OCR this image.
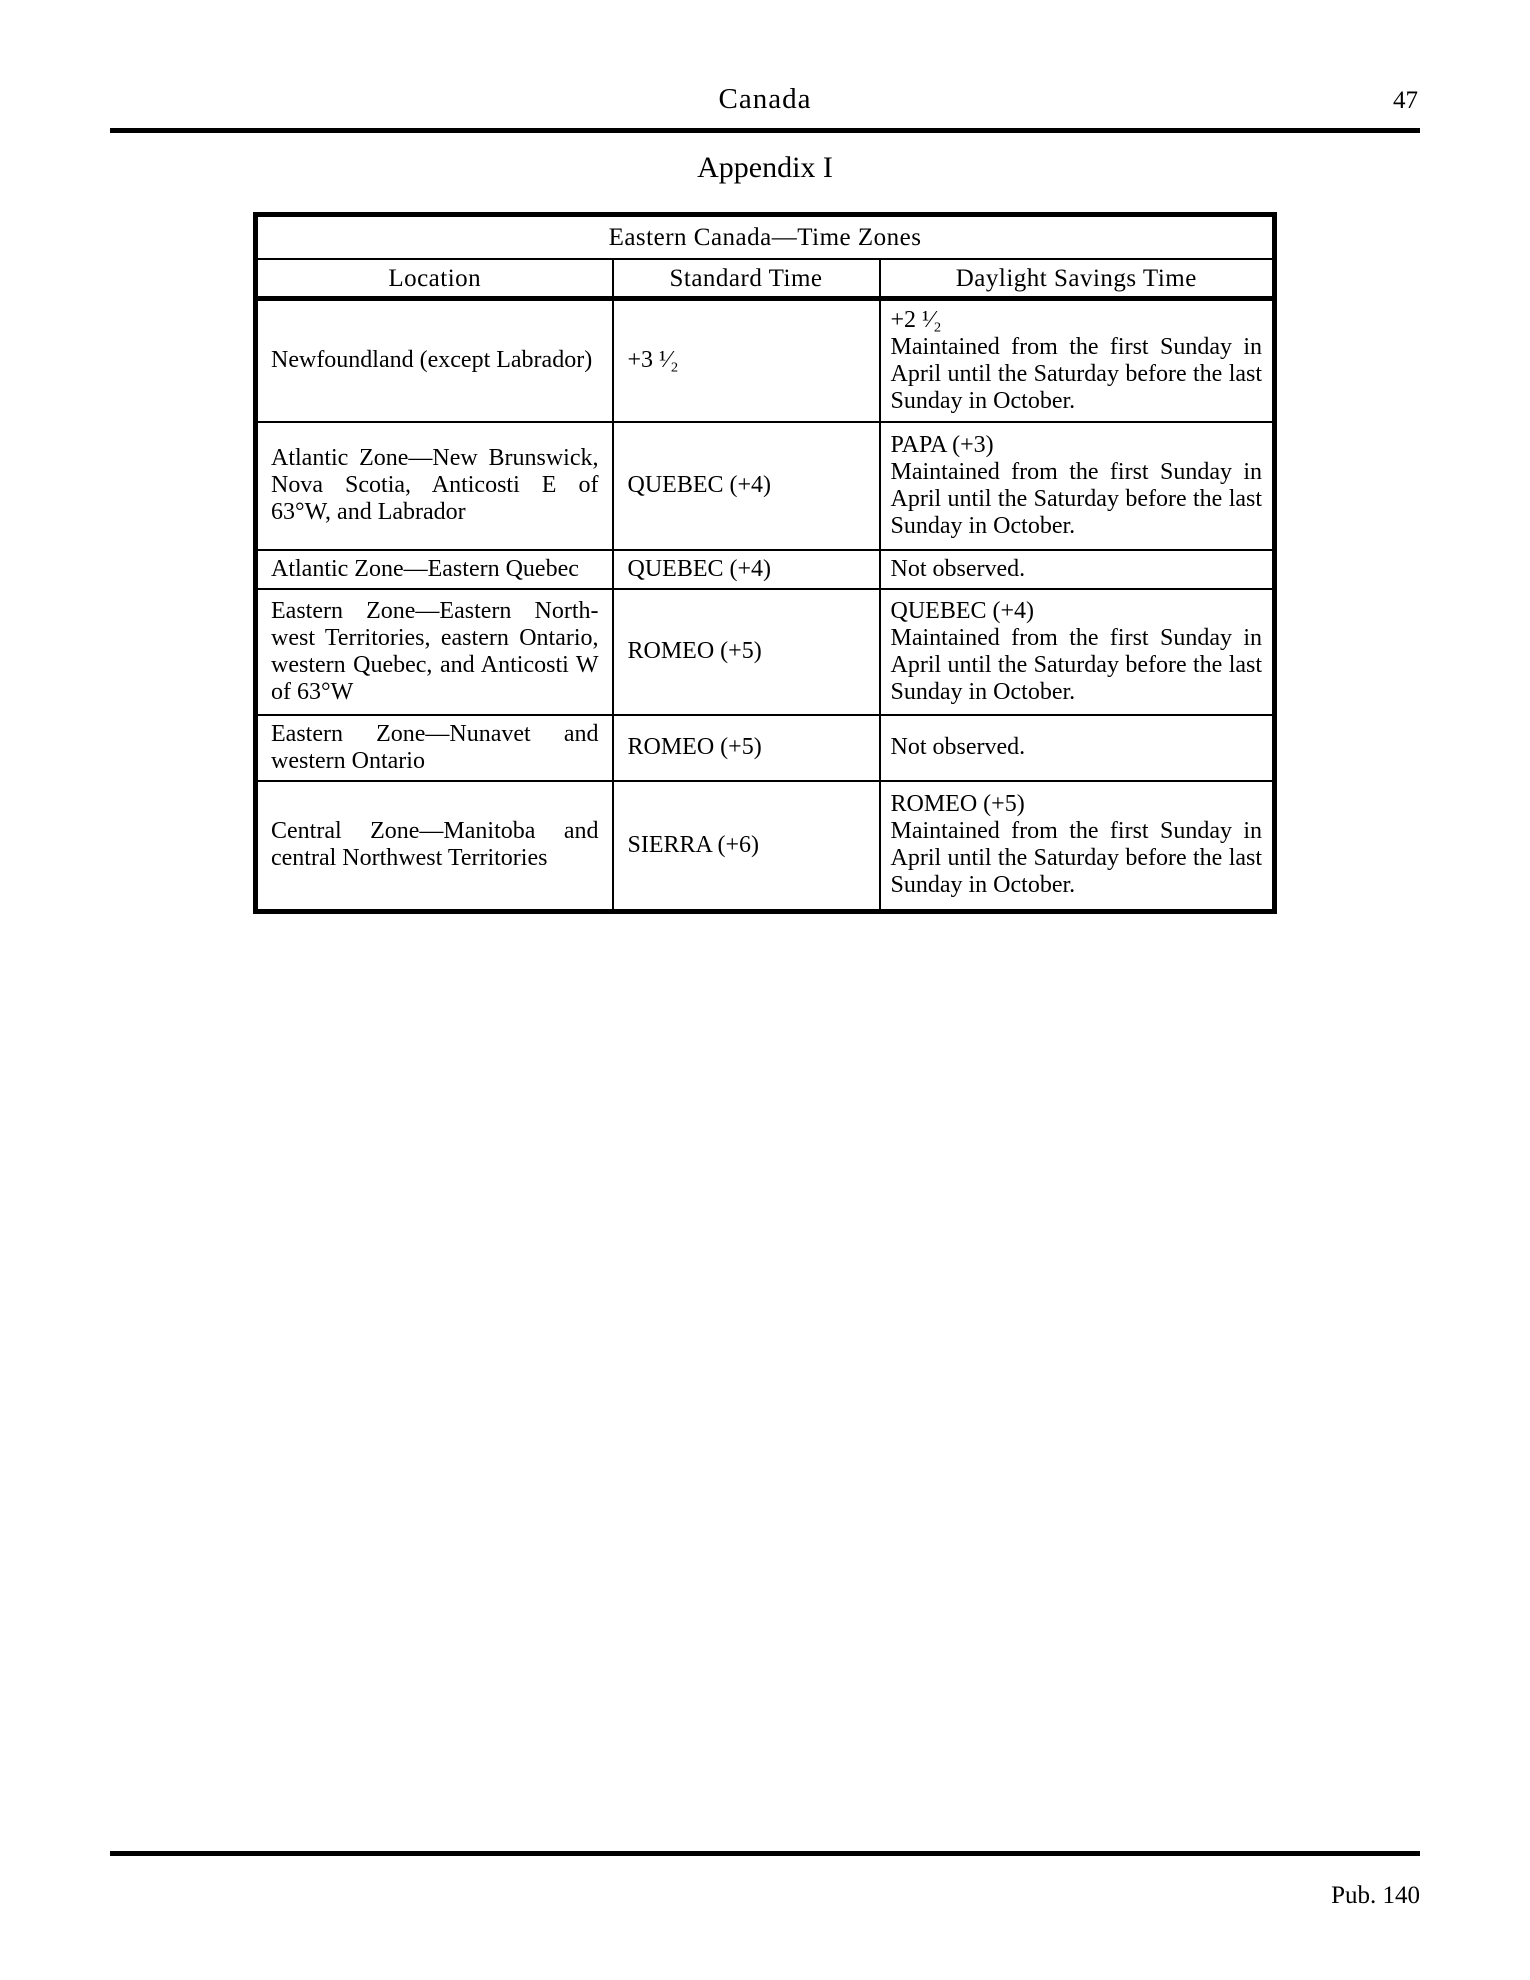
Canada	47
Appendix I
Eastern Canada—Time Zones		
Location	Standard Time	Daylight Savings Time
Newfoundland (except Labrador)	+3 ¹⁄₂	+2 ¹⁄₂
Maintained from the first Sunday in April until the Saturday before the last Sunday in October.

Atlantic Zone—New Brunswick, Nova Scotia, Anticosti E of 63°W, and Labrador	QUEBEC (+4)	PAPA (+3)
Maintained from the first Sunday in April until the Saturday before the last Sunday in October.

Atlantic Zone—Eastern Quebec	QUEBEC (+4)	Not observed.

Eastern Zone—Eastern Northwest Territories, eastern Ontario, western Quebec, and Anticosti W of 63°W	ROMEO (+5)	QUEBEC (+4)
Maintained from the first Sunday in April until the Saturday before the last Sunday in October.

Eastern Zone—Nunavet and western Ontario	ROMEO (+5)	Not observed.

Central Zone—Manitoba and central Northwest Territories	SIERRA (+6)	ROMEO (+5)
Maintained from the first Sunday in April until the Saturday before the last Sunday in October.
Pub. 140
